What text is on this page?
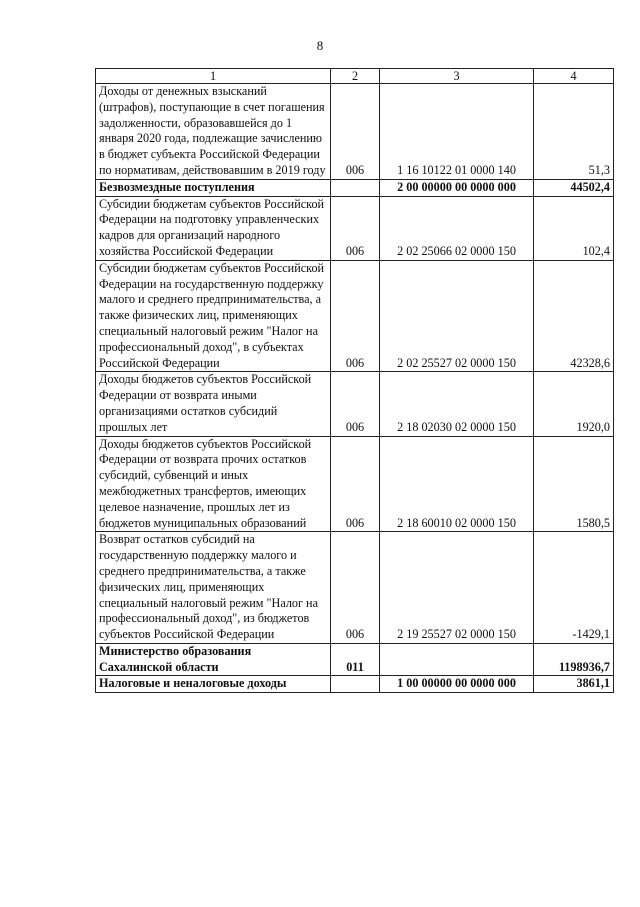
8
1	2	3	4
Доходы от денежных взысканий (штрафов), поступающие в счет погашения задолженности, образовавшейся до 1 января 2020 года, подлежащие зачислению в бюджет субъекта Российской Федерации по нормативам, действовавшим в 2019 году	006	1 16 10122 01 0000 140	51,3
Безвозмездные поступления		2 00 00000 00 0000 000	44502,4
Субсидии бюджетам субъектов Российской Федерации на подготовку управленческих кадров для организаций народного хозяйства Российской Федерации	006	2 02 25066 02 0000 150	102,4
Субсидии бюджетам субъектов Российской Федерации на государственную поддержку малого и среднего предпринимательства, а также физических лиц, применяющих специальный налоговый режим "Налог на профессиональный доход", в субъектах Российской Федерации	006	2 02 25527 02 0000 150	42328,6
Доходы бюджетов субъектов Российской Федерации от возврата иными организациями остатков субсидий прошлых лет	006	2 18 02030 02 0000 150	1920,0
Доходы бюджетов субъектов Российской Федерации от возврата прочих остатков субсидий, субвенций и иных межбюджетных трансфертов, имеющих целевое назначение, прошлых лет из бюджетов муниципальных образований	006	2 18 60010 02 0000 150	1580,5
Возврат остатков субсидий на государственную поддержку малого и среднего предпринимательства, а также физических лиц, применяющих специальный налоговый режим "Налог на профессиональный доход", из бюджетов субъектов Российской Федерации	006	2 19 25527 02 0000 150	-1429,1
Министерство образования Сахалинской области	011		1198936,7
Налоговые и неналоговые доходы		1 00 00000 00 0000 000	3861,1
